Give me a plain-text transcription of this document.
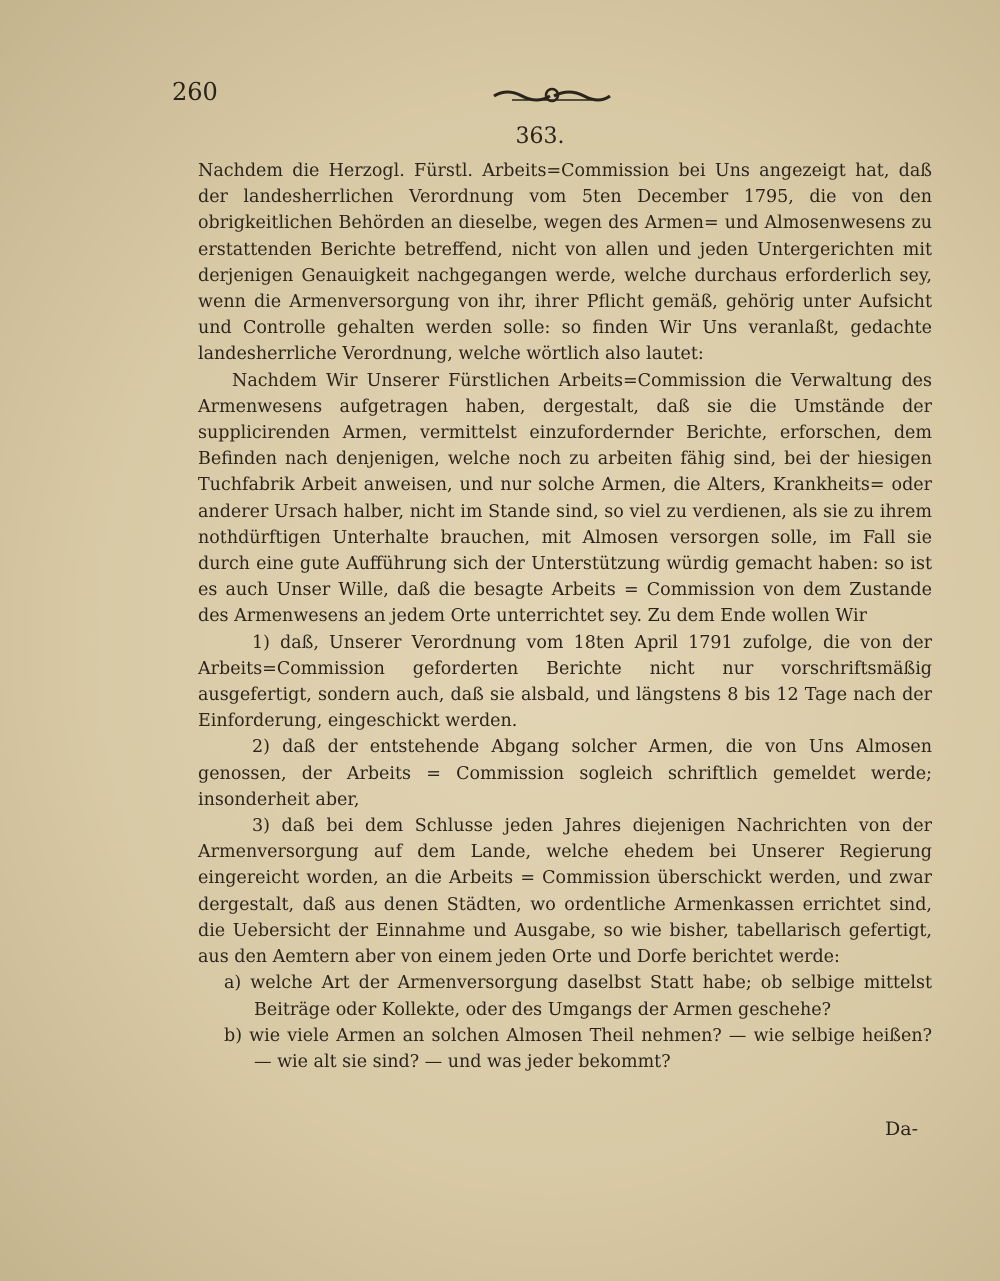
260
363.

Nachdem die Herzogl. Fürstl. Arbeits=Commission bei Uns angezeigt hat, daß der landesherrlichen Verordnung vom 5ten December 1795, die von den obrigkeitlichen Behörden an dieselbe, wegen des Armen= und Almosenwesens zu erstattenden Berichte betreffend, nicht von allen und jeden Untergerichten mit derjenigen Genauigkeit nachgegangen werde, welche durchaus erforderlich sey, wenn die Armenversorgung von ihr, ihrer Pflicht gemäß, gehörig unter Aufsicht und Controlle gehalten werden solle: so finden Wir Uns veranlaßt, gedachte landesherrliche Verordnung, welche wörtlich also lautet:

Nachdem Wir Unserer Fürstlichen Arbeits=Commission die Verwaltung des Armenwesens aufgetragen haben, dergestalt, daß sie die Umstände der supplicirenden Armen, vermittelst einzufordernder Berichte, erforschen, dem Befinden nach denjenigen, welche noch zu arbeiten fähig sind, bei der hiesigen Tuchfabrik Arbeit anweisen, und nur solche Armen, die Alters, Krankheits= oder anderer Ursach halber, nicht im Stande sind, so viel zu verdienen, als sie zu ihrem nothdürftigen Unterhalte brauchen, mit Almosen versorgen solle, im Fall sie durch eine gute Aufführung sich der Unterstützung würdig gemacht haben: so ist es auch Unser Wille, daß die besagte Arbeits = Commission von dem Zustande des Armenwesens an jedem Orte unterrichtet sey. Zu dem Ende wollen Wir

1) daß, Unserer Verordnung vom 18ten April 1791 zufolge, die von der Arbeits=Commission geforderten Berichte nicht nur vorschriftsmäßig ausgefertigt, sondern auch, daß sie alsbald, und längstens 8 bis 12 Tage nach der Einforderung, eingeschickt werden.

2) daß der entstehende Abgang solcher Armen, die von Uns Almosen genossen, der Arbeits = Commission sogleich schriftlich gemeldet werde; insonderheit aber,

3) daß bei dem Schlusse jeden Jahres diejenigen Nachrichten von der Armenversorgung auf dem Lande, welche ehedem bei Unserer Regierung eingereicht worden, an die Arbeits = Commission überschickt werden, und zwar dergestalt, daß aus denen Städten, wo ordentliche Armenkassen errichtet sind, die Uebersicht der Einnahme und Ausgabe, so wie bisher, tabellarisch gefertigt, aus den Aemtern aber von einem jeden Orte und Dorfe berichtet werde:

a) welche Art der Armenversorgung daselbst Statt habe; ob selbige mittelst Beiträge oder Kollekte, oder des Umgangs der Armen geschehe?

b) wie viele Armen an solchen Almosen Theil nehmen? — wie selbige heißen? — wie alt sie sind? — und was jeder bekommt?

Da-
